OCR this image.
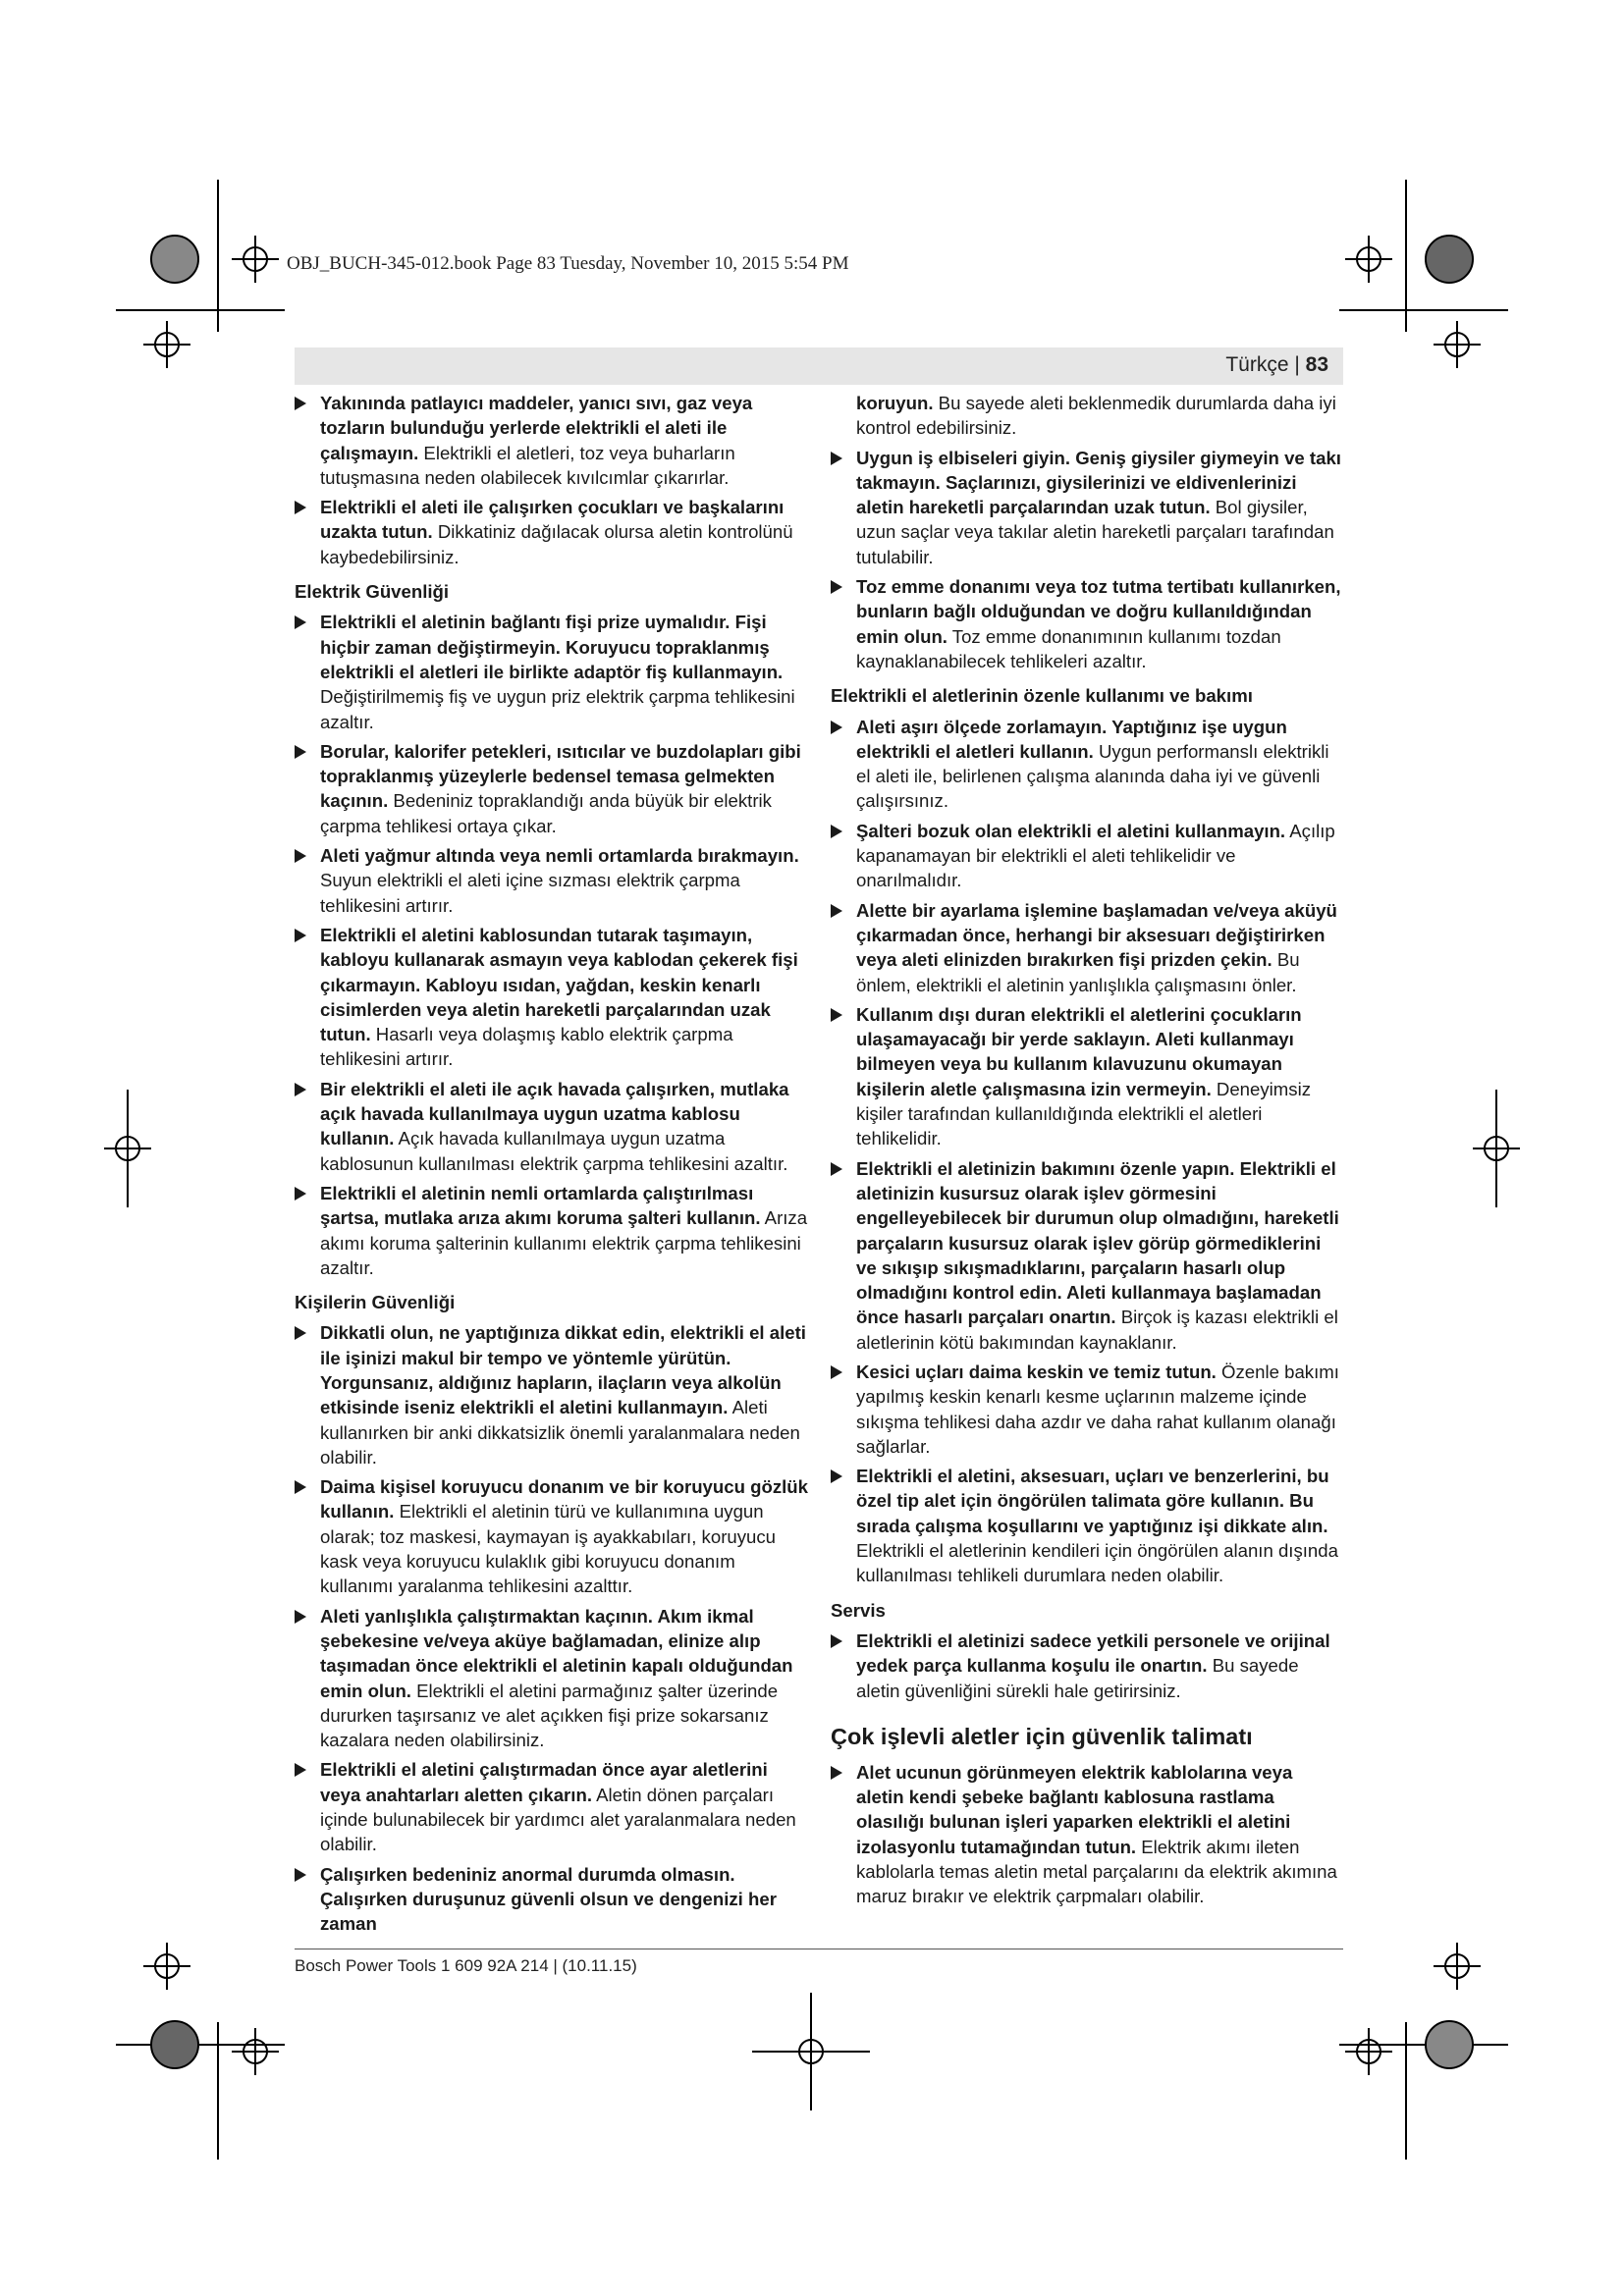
OBJ_BUCH-345-012.book Page 83 Tuesday, November 10, 2015 5:54 PM
Türkçe | 83
Yakınında patlayıcı maddeler, yanıcı sıvı, gaz veya tozların bulunduğu yerlerde elektrikli el aleti ile çalışmayın. Elektrikli el aletleri, toz veya buharların tutuşmasına neden olabilecek kıvılcımlar çıkarırlar.
Elektrikli el aleti ile çalışırken çocukları ve başkalarını uzakta tutun. Dikkatiniz dağılacak olursa aletin kontrolünü kaybedebilirsiniz.
Elektrik Güvenliği
Elektrikli el aletinin bağlantı fişi prize uymalıdır. Fişi hiçbir zaman değiştirmeyin. Koruyucu topraklanmış elektrikli el aletleri ile birlikte adaptör fiş kullanmayın. Değiştirilmemiş fiş ve uygun priz elektrik çarpma tehlikesini azaltır.
Borular, kalorifer petekleri, ısıtıcılar ve buzdolapları gibi topraklanmış yüzeylerle bedensel temasa gelmekten kaçının. Bedeniniz topraklandığı anda büyük bir elektrik çarpma tehlikesi ortaya çıkar.
Aleti yağmur altında veya nemli ortamlarda bırakmayın. Suyun elektrikli el aleti içine sızması elektrik çarpma tehlikesini artırır.
Elektrikli el aletini kablosundan tutarak taşımayın, kabloyu kullanarak asmayın veya kablodan çekerek fişi çıkarmayın. Kabloyu ısıdan, yağdan, keskin kenarlı cisimlerden veya aletin hareketli parçalarından uzak tutun. Hasarlı veya dolaşmış kablo elektrik çarpma tehlikesini artırır.
Bir elektrikli el aleti ile açık havada çalışırken, mutlaka açık havada kullanılmaya uygun uzatma kablosu kullanın. Açık havada kullanılmaya uygun uzatma kablosunun kullanılması elektrik çarpma tehlikesini azaltır.
Elektrikli el aletinin nemli ortamlarda çalıştırılması şartsa, mutlaka arıza akımı koruma şalteri kullanın. Arıza akımı koruma şalterinin kullanımı elektrik çarpma tehlikesini azaltır.
Kişilerin Güvenliği
Dikkatli olun, ne yaptığınıza dikkat edin, elektrikli el aleti ile işinizi makul bir tempo ve yöntemle yürütün. Yorgunsanız, aldığınız hapların, ilaçların veya alkolün etkisinde iseniz elektrikli el aletini kullanmayın. Aleti kullanırken bir anki dikkatsizlik önemli yaralanmalara neden olabilir.
Daima kişisel koruyucu donanım ve bir koruyucu gözlük kullanın. Elektrikli el aletinin türü ve kullanımına uygun olarak; toz maskesi, kaymayan iş ayakkabıları, koruyucu kask veya koruyucu kulaklık gibi koruyucu donanım kullanımı yaralanma tehlikesini azalttır.
Aleti yanlışlıkla çalıştırmaktan kaçının. Akım ikmal şebekesine ve/veya aküye bağlamadan, elinize alıp taşımadan önce elektrikli el aletinin kapalı olduğundan emin olun. Elektrikli el aletini parmağınız şalter üzerinde dururken taşırsanız ve alet açıkken fişi prize sokarsanız kazalara neden olabilirsiniz.
Elektrikli el aletini çalıştırmadan önce ayar aletlerini veya anahtarları aletten çıkarın. Aletin dönen parçaları içinde bulunabilecek bir yardımcı alet yaralanmalara neden olabilir.
Çalışırken bedeniniz anormal durumda olmasın. Çalışırken duruşunuz güvenli olsun ve dengenizi her zaman
koruyun. Bu sayede aleti beklenmedik durumlarda daha iyi kontrol edebilirsiniz.
Uygun iş elbiseleri giyin. Geniş giysiler giymeyin ve takı takmayın. Saçlarınızı, giysilerinizi ve eldivenlerinizi aletin hareketli parçalarından uzak tutun. Bol giysiler, uzun saçlar veya takılar aletin hareketli parçaları tarafından tutulabilir.
Toz emme donanımı veya toz tutma tertibatı kullanırken, bunların bağlı olduğundan ve doğru kullanıldığından emin olun. Toz emme donanımının kullanımı tozdan kaynaklanabilecek tehlikeleri azaltır.
Elektrikli el aletlerinin özenle kullanımı ve bakımı
Aleti aşırı ölçede zorlamayın. Yaptığınız işe uygun elektrikli el aletleri kullanın. Uygun performanslı elektrikli el aleti ile, belirlenen çalışma alanında daha iyi ve güvenli çalışırsınız.
Şalteri bozuk olan elektrikli el aletini kullanmayın. Açılıp kapanamayan bir elektrikli el aleti tehlikelidir ve onarılmalıdır.
Alette bir ayarlama işlemine başlamadan ve/veya aküyü çıkarmadan önce, herhangi bir aksesuarı değiştirirken veya aleti elinizden bırakırken fişi prizden çekin. Bu önlem, elektrikli el aletinin yanlışlıkla çalışmasını önler.
Kullanım dışı duran elektrikli el aletlerini çocukların ulaşamayacağı bir yerde saklayın. Aleti kullanmayı bilmeyen veya bu kullanım kılavuzunu okumayan kişilerin aletle çalışmasına izin vermeyin. Deneyimsiz kişiler tarafından kullanıldığında elektrikli el aletleri tehlikelidir.
Elektrikli el aletinizin bakımını özenle yapın. Elektrikli el aletinizin kusursuz olarak işlev görmesini engelleyebilecek bir durumun olup olmadığını, hareketli parçaların kusursuz olarak işlev görüp görmediklerini ve sıkışıp sıkışmadıklarını, parçaların hasarlı olup olmadığını kontrol edin. Aleti kullanmaya başlamadan önce hasarlı parçaları onartın. Birçok iş kazası elektrikli el aletlerinin kötü bakımından kaynaklanır.
Kesici uçları daima keskin ve temiz tutun. Özenle bakımı yapılmış keskin kenarlı kesme uçlarının malzeme içinde sıkışma tehlikesi daha azdır ve daha rahat kullanım olanağı sağlarlar.
Elektrikli el aletini, aksesuarı, uçları ve benzerlerini, bu özel tip alet için öngörülen talimata göre kullanın. Bu sırada çalışma koşullarını ve yaptığınız işi dikkate alın. Elektrikli el aletlerinin kendileri için öngörülen alanın dışında kullanılması tehlikeli durumlara neden olabilir.
Servis
Elektrikli el aletinizi sadece yetkili personele ve orijinal yedek parça kullanma koşulu ile onartın. Bu sayede aletin güvenliğini sürekli hale getirirsiniz.
Çok işlevli aletler için güvenlik talimatı
Alet ucunun görünmeyen elektrik kablolarına veya aletin kendi şebeke bağlantı kablosuna rastlama olasılığı bulunan işleri yaparken elektrikli el aletini izolasyonlu tutamağından tutun. Elektrik akımı ileten kablolarla temas aletin metal parçalarını da elektrik akımına maruz bırakır ve elektrik çarpmaları olabilir.
Bosch Power Tools 1 609 92A 214 | (10.11.15)
